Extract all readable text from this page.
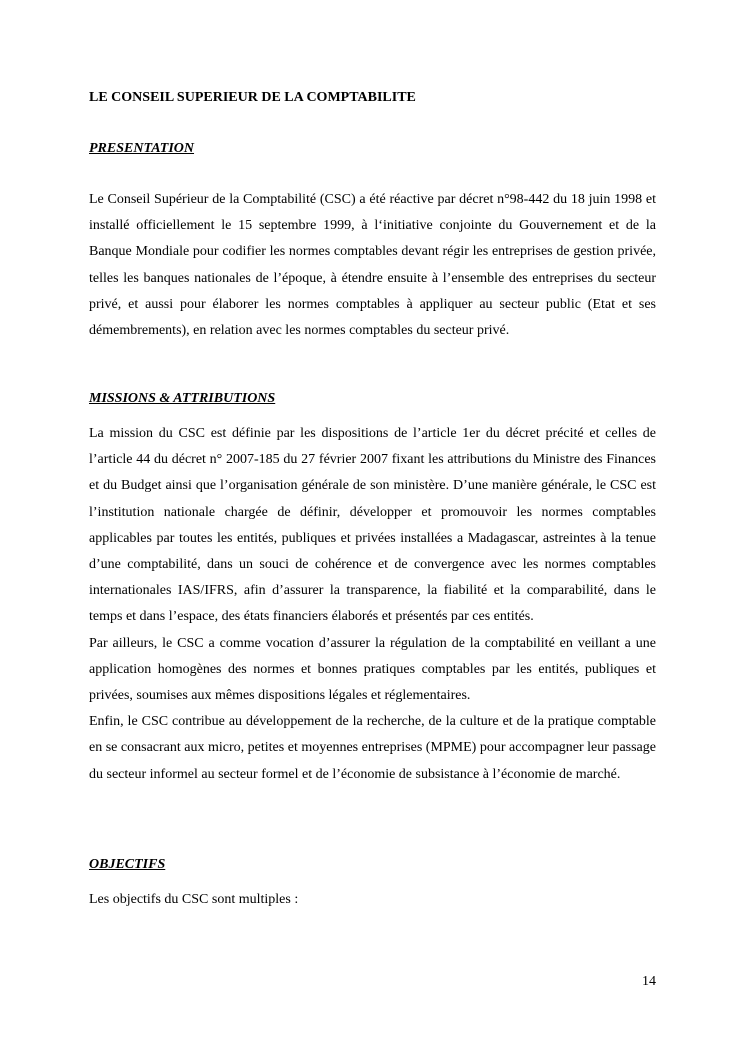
LE CONSEIL SUPERIEUR DE LA COMPTABILITE
PRESENTATION

Le Conseil Supérieur de la Comptabilité (CSC) a été réactive par décret n°98-442 du 18 juin 1998 et installé officiellement le 15 septembre 1999, à l‘initiative conjointe du Gouvernement et de la Banque Mondiale pour codifier les normes comptables devant régir les entreprises de gestion privée, telles les banques nationales de l’époque, à étendre ensuite à l’ensemble des entreprises du secteur privé, et aussi pour élaborer les normes comptables à appliquer au secteur public (Etat et ses démembrements), en relation avec les normes comptables du secteur privé.

MISSIONS & ATTRIBUTIONS

La mission du CSC est définie par les dispositions de l’article 1er du décret précité et celles de l’article 44 du décret n° 2007-185 du 27 février 2007 fixant les attributions du Ministre des Finances et du Budget ainsi que l’organisation générale de son ministère. D’une manière générale, le CSC est l’institution nationale chargée de définir, développer et promouvoir les normes comptables applicables par toutes les entités, publiques et privées installées a Madagascar, astreintes à la tenue d’une comptabilité, dans un souci de cohérence et de convergence avec les normes comptables internationales IAS/IFRS, afin d’assurer la transparence, la fiabilité et la comparabilité, dans le temps et dans l’espace, des états financiers élaborés et présentés par ces entités.

Par ailleurs, le CSC a comme vocation d’assurer la régulation de la comptabilité en veillant a une application homogènes des normes et bonnes pratiques comptables par les entités, publiques et privées, soumises aux mêmes dispositions légales et réglementaires.

Enfin, le CSC contribue au développement de la recherche, de la culture et de la pratique comptable en se consacrant aux micro, petites et moyennes entreprises (MPME) pour accompagner leur passage du secteur informel au secteur formel et de l’économie de subsistance à l’économie de marché.

OBJECTIFS

Les objectifs du CSC sont multiples :

14
